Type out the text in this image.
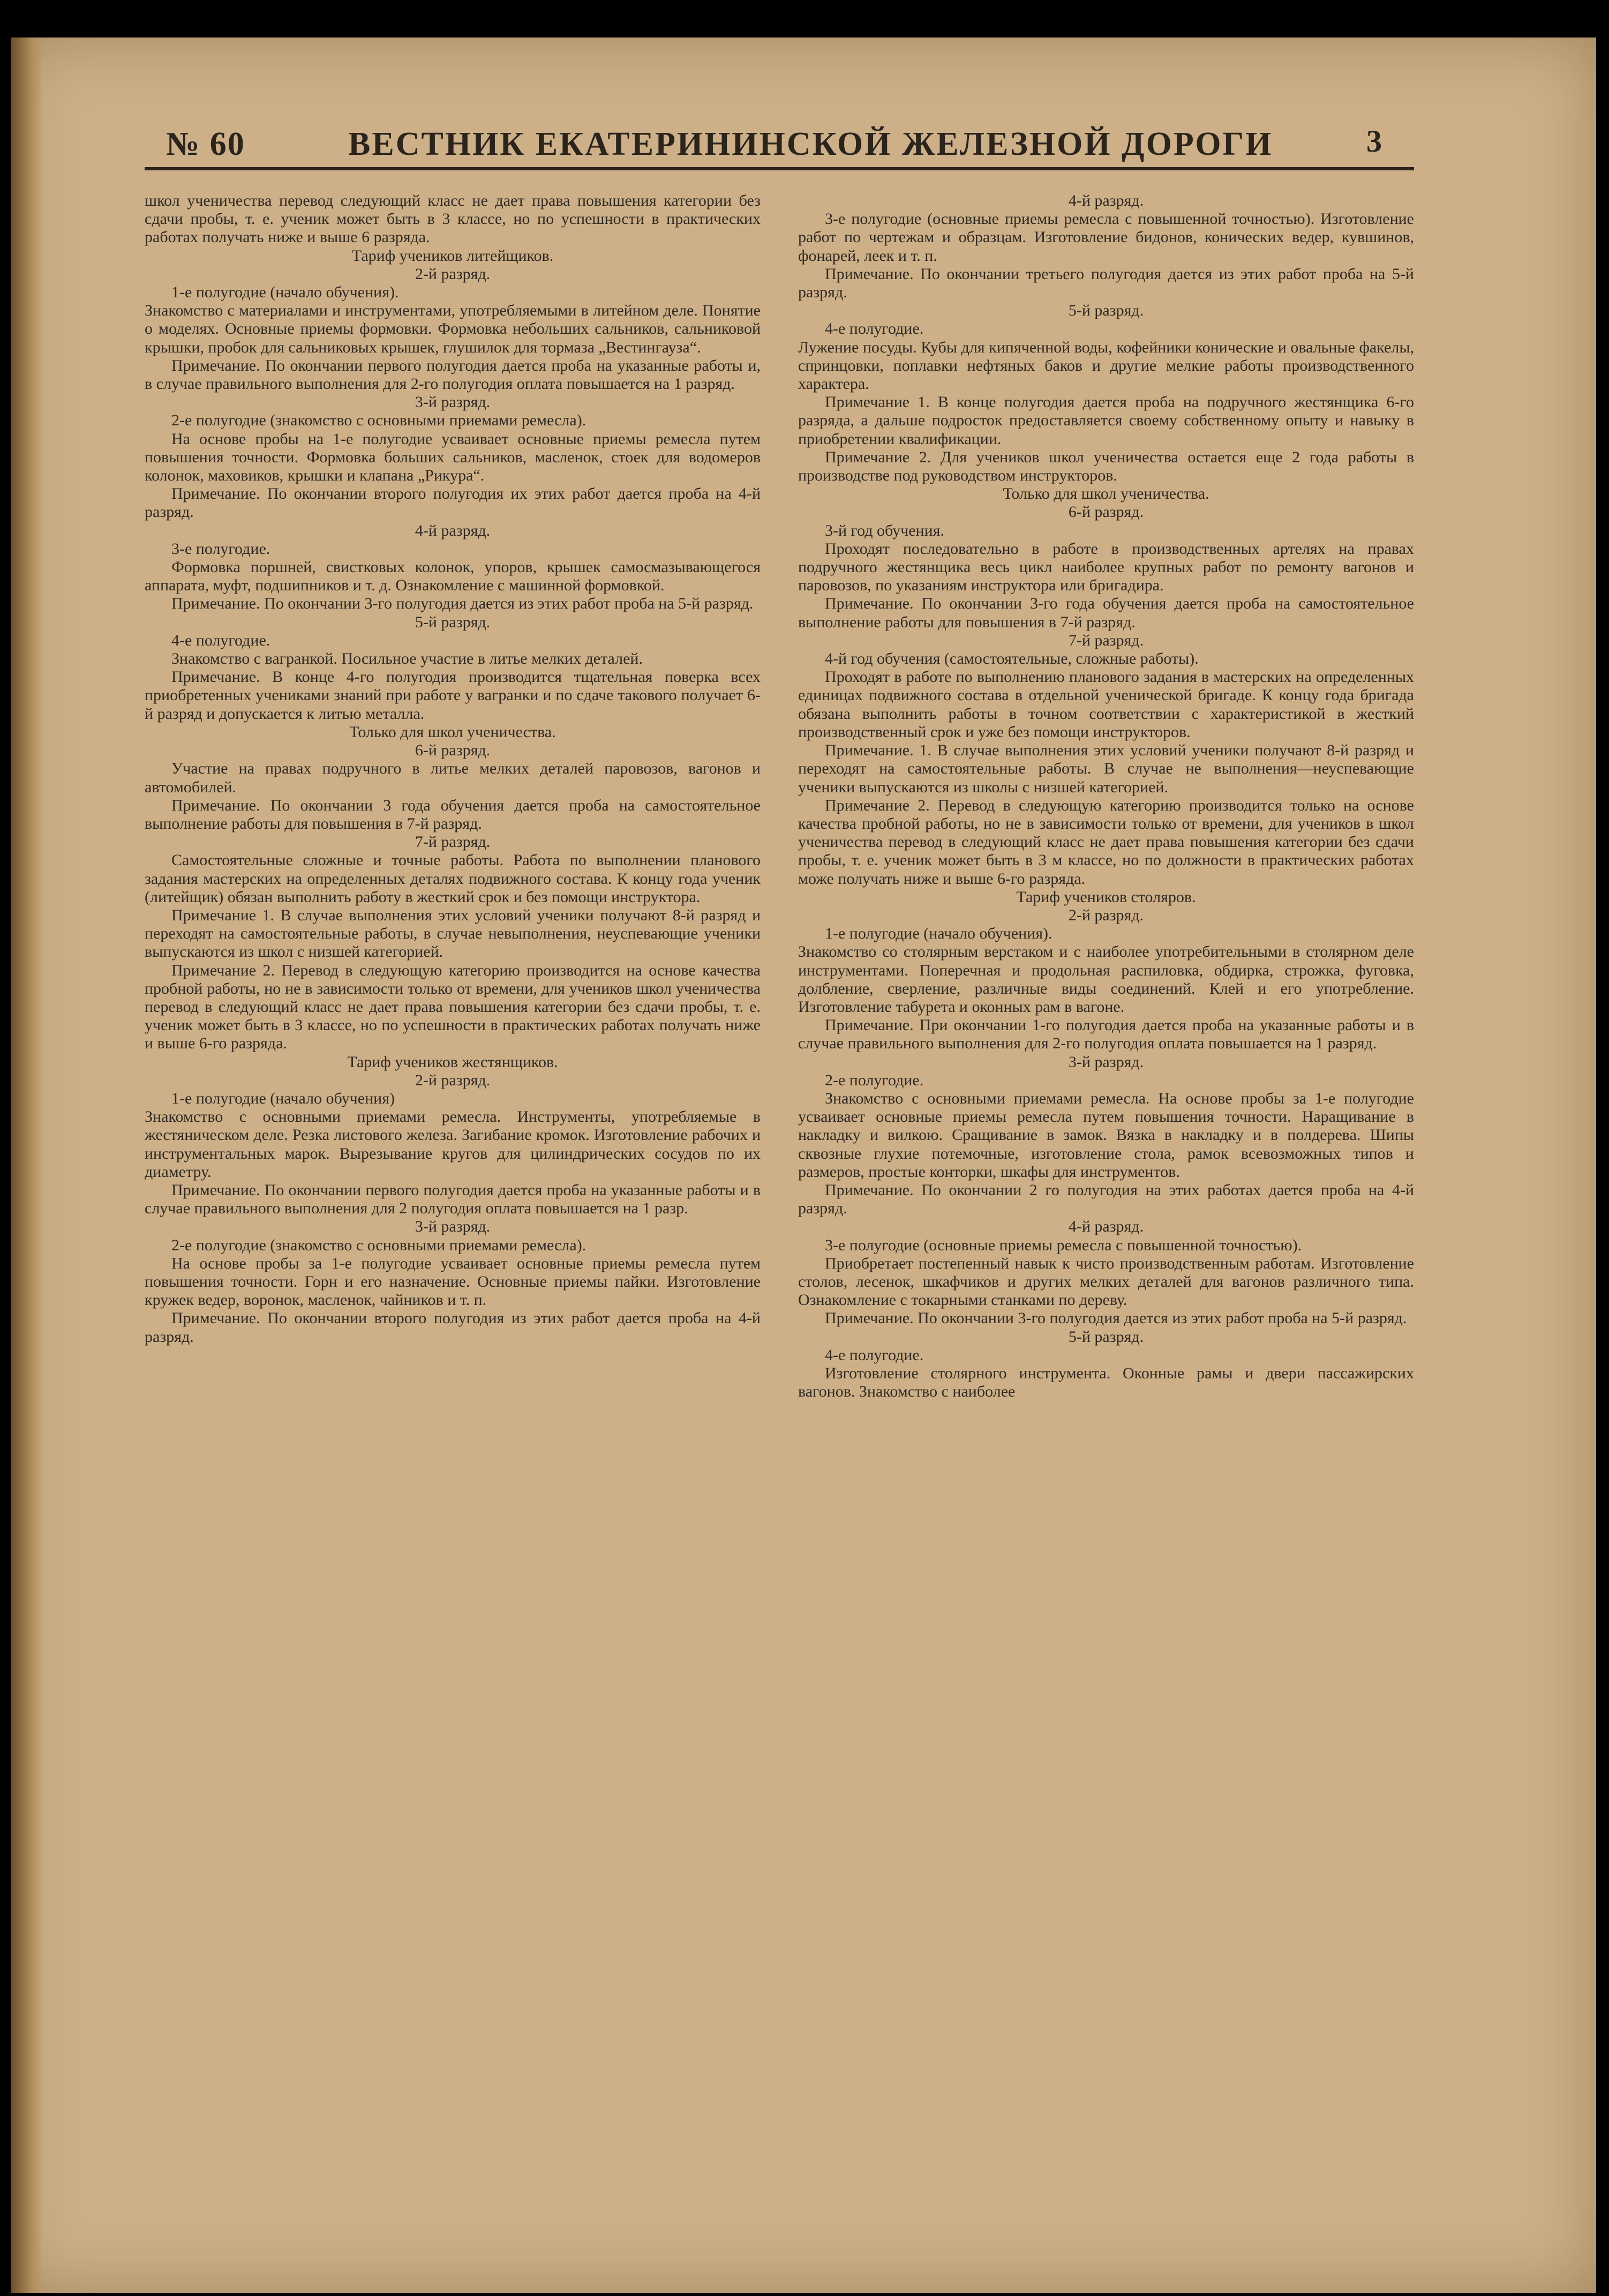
№ 60	ВЕСТНИК ЕКАТЕРИНИНСКОЙ ЖЕЛЕЗНОЙ ДОРОГИ	3

школ ученичества перевод следующий класс не дает права повышения категории без сдачи пробы, т. е. ученик может быть в 3 классе, но по успешности в практических работах получать ниже и выше 6 разряда.

Тариф учеников литейщиков.

2-й разряд.

1-е полугодие (начало обучения).

Знакомство с материалами и инструментами, употребляемыми в литейном деле. Понятие о моделях. Основные приемы формовки. Формовка небольших сальников, сальниковой крышки, пробок для сальниковых крышек, глушилок для тормаза „Вестингауза“.

Примечание. По окончании первого полугодия дается проба на указанные работы и, в случае правильного выполнения для 2-го полугодия оплата повышается на 1 разряд.

3-й разряд.

2-е полугодие (знакомство с основными приемами ремесла).

На основе пробы на 1-е полугодие усваивает основные приемы ремесла путем повышения точности. Формовка больших сальников, масленок, стоек для водомеров колонок, маховиков, крышки и клапана „Рикура“.

Примечание. По окончании второго полугодия их этих работ дается проба на 4-й разряд.

4-й разряд.

3-е полугодие.

Формовка поршней, свистковых колонок, упоров, крышек самосмазывающегося аппарата, муфт, подшипников и т. д. Ознакомление с машинной формовкой.

Примечание. По окончании 3-го полугодия дается из этих работ проба на 5-й разряд.

5-й разряд.

4-е полугодие.

Знакомство с вагранкой. Посильное участие в литье мелких деталей.

Примечание. В конце 4-го полугодия производится тщательная поверка всех приобретенных учениками знаний при работе у вагранки и по сдаче такового получает 6-й разряд и допускается к литью металла.

Только для школ ученичества.

6-й разряд.

Участие на правах подручного в литье мелких деталей паровозов, вагонов и автомобилей.

Примечание. По окончании 3 года обучения дается проба на самостоятельное выполнение работы для повышения в 7-й разряд.

7-й разряд.

Самостоятельные сложные и точные работы. Работа по выполнении планового задания мастерских на определенных деталях подвижного состава. К концу года ученик (литейщик) обязан выполнить работу в жесткий срок и без помощи инструктора.

Примечание 1. В случае выполнения этих условий ученики получают 8-й разряд и переходят на самостоятельные работы, в случае невыполнения, неуспевающие ученики выпускаются из школ с низшей категорией.

Примечание 2. Перевод в следующую категорию производится на основе качества пробной работы, но не в зависимости только от времени, для учеников школ ученичества перевод в следующий класс не дает права повышения категории без сдачи пробы, т. е. ученик может быть в 3 классе, но по успешности в практических работах получать ниже и выше 6-го разряда.

Тариф учеников жестянщиков.

2-й разряд.

1-е полугодие (начало обучения)

Знакомство с основными приемами ремесла. Инструменты, употребляемые в жестяническом деле. Резка листового железа. Загибание кромок. Изготовление рабочих и инструментальных марок. Вырезывание кругов для цилиндрических сосудов по их диаметру.

Примечание. По окончании первого полугодия дается проба на указанные работы и в случае правильного выполнения для 2 полугодия оплата повышается на 1 разр.

3-й разряд.

2-е полугодие (знакомство с основными приемами ремесла).

На основе пробы за 1-е полугодие усваивает основные приемы ремесла путем повышения точности. Горн и его назначение. Основные приемы пайки. Изготовление кружек ведер, воронок, масленок, чайников и т. п.

Примечание. По окончании второго полугодия из этих работ дается проба на 4-й разряд.

4-й разряд.

3-е полугодие (основные приемы ремесла с повышенной точностью). Изготовление работ по чертежам и образцам. Изготовление бидонов, конических ведер, кувшинов, фонарей, леек и т. п.

Примечание. По окончании третьего полугодия дается из этих работ проба на 5-й разряд.

5-й разряд.

4-е полугодие.

Лужение посуды. Кубы для кипяченной воды, кофейники конические и овальные факелы, спринцовки, поплавки нефтяных баков и другие мелкие работы производственного характера.

Примечание 1. В конце полугодия дается проба на подручного жестянщика 6-го разряда, а дальше подросток предоставляется своему собственному опыту и навыку в приобретении квалификации.

Примечание 2. Для учеников школ ученичества остается еще 2 года работы в производстве под руководством инструкторов.

Только для школ ученичества.

6-й разряд.

3-й год обучения.

Проходят последовательно в работе в производственных артелях на правах подручного жестянщика весь цикл наиболее крупных работ по ремонту вагонов и паровозов, по указаниям инструктора или бригадира.

Примечание. По окончании 3-го года обучения дается проба на самостоятельное выполнение работы для повышения в 7-й разряд.

7-й разряд.

4-й год обучения (самостоятельные, сложные работы).

Проходят в работе по выполнению планового задания в мастерских на определенных единицах подвижного состава в отдельной ученической бригаде. К концу года бригада обязана выполнить работы в точном соответствии с характеристикой в жесткий производственный срок и уже без помощи инструкторов.

Примечание. 1. В случае выполнения этих условий ученики получают 8-й разряд и переходят на самостоятельные работы. В случае не выполнения—неуспевающие ученики выпускаются из школы с низшей категорией.

Примечание 2. Перевод в следующую категорию производится только на основе качества пробной работы, но не в зависимости только от времени, для учеников в школ ученичества перевод в следующий класс не дает права повышения категории без сдачи пробы, т. е. ученик может быть в 3 м классе, но по должности в практических работах може получать ниже и выше 6-го разряда.

Тариф учеников столяров.

2-й разряд.

1-е полугодие (начало обучения).

Знакомство со столярным верстаком и с наиболее употребительными в столярном деле инструментами. Поперечная и продольная распиловка, обдирка, строжка, фуговка, долбление, сверление, различные виды соединений. Клей и его употребление. Изготовление табурета и оконных рам в вагоне.

Примечание. При окончании 1-го полугодия дается проба на указанные работы и в случае правильного выполнения для 2-го полугодия оплата повышается на 1 разряд.

3-й разряд.

2-е полугодие.

Знакомство с основными приемами ремесла. На основе пробы за 1-е полугодие усваивает основные приемы ремесла путем повышения точности. Наращивание в накладку и вилкою. Сращивание в замок. Вязка в накладку и в полдерева. Шипы сквозные глухие потемочные, изготовление стола, рамок всевозможных типов и размеров, простые конторки, шкафы для инструментов.

Примечание. По окончании 2 го полугодия на этих работах дается проба на 4-й разряд.

4-й разряд.

3-е полугодие (основные приемы ремесла с повышенной точностью).

Приобретает постепенный навык к чисто производственным работам. Изготовление столов, лесенок, шкафчиков и других мелких деталей для вагонов различного типа. Ознакомление с токарными станками по дереву.

Примечание. По окончании 3-го полугодия дается из этих работ проба на 5-й разряд.

5-й разряд.

4-е полугодие.

Изготовление столярного инструмента. Оконные рамы и двери пассажирских вагонов. Знакомство с наиболее
